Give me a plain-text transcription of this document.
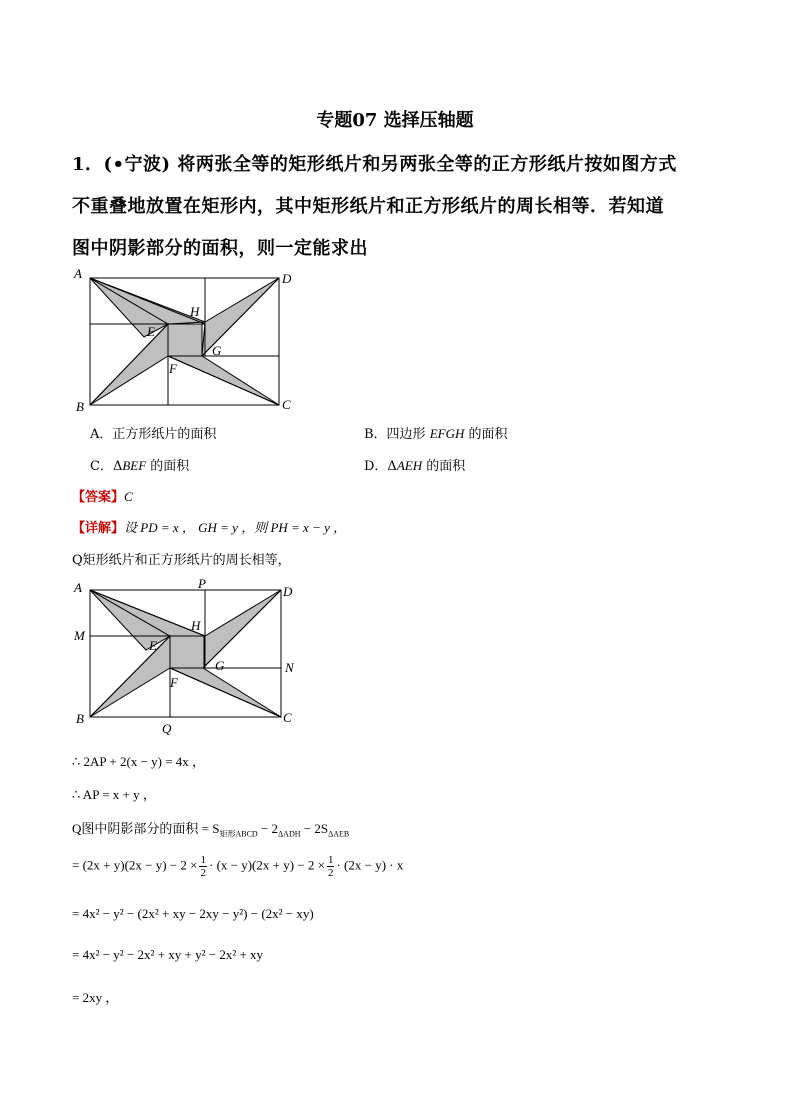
专题07 选择压轴题
1．(•宁波) 将两张全等的矩形纸片和另两张全等的正方形纸片按如图方式
不重叠地放置在矩形内，其中矩形纸片和正方形纸片的周长相等．若知道
图中阴影部分的面积，则一定能求出
A	D
B	C
E
H
G
F
A．正方形纸片的面积	B．四边形 EFGH 的面积
C．ΔBEF 的面积	D．ΔAEH 的面积
【答案】C
【详解】设 PD = x ， GH = y ，则 PH = x − y ，
Q矩形纸片和正方形纸片的周长相等，
A	P
D
M
E
H
G	N
F
B	C
Q
∴ 2AP + 2(x − y) = 4x ，
∴ AP = x + y ，
Q图中阴影部分的面积 = $S_{矩形ABCD} - 2_{\Delta ADH} - 2S_{\Delta AEB}$
= $(2x + y)(2x - y) - 2 \times \frac{1}{2} \cdot (x - y)(2x + y) - 2 \times \frac{1}{2} \cdot (2x - y) \cdot x$
= 4x² − y² − (2x² + xy − 2xy − y²) − (2x² − xy)
= 4x² − y² − 2x² + xy + y² − 2x² + xy
= 2xy ，
